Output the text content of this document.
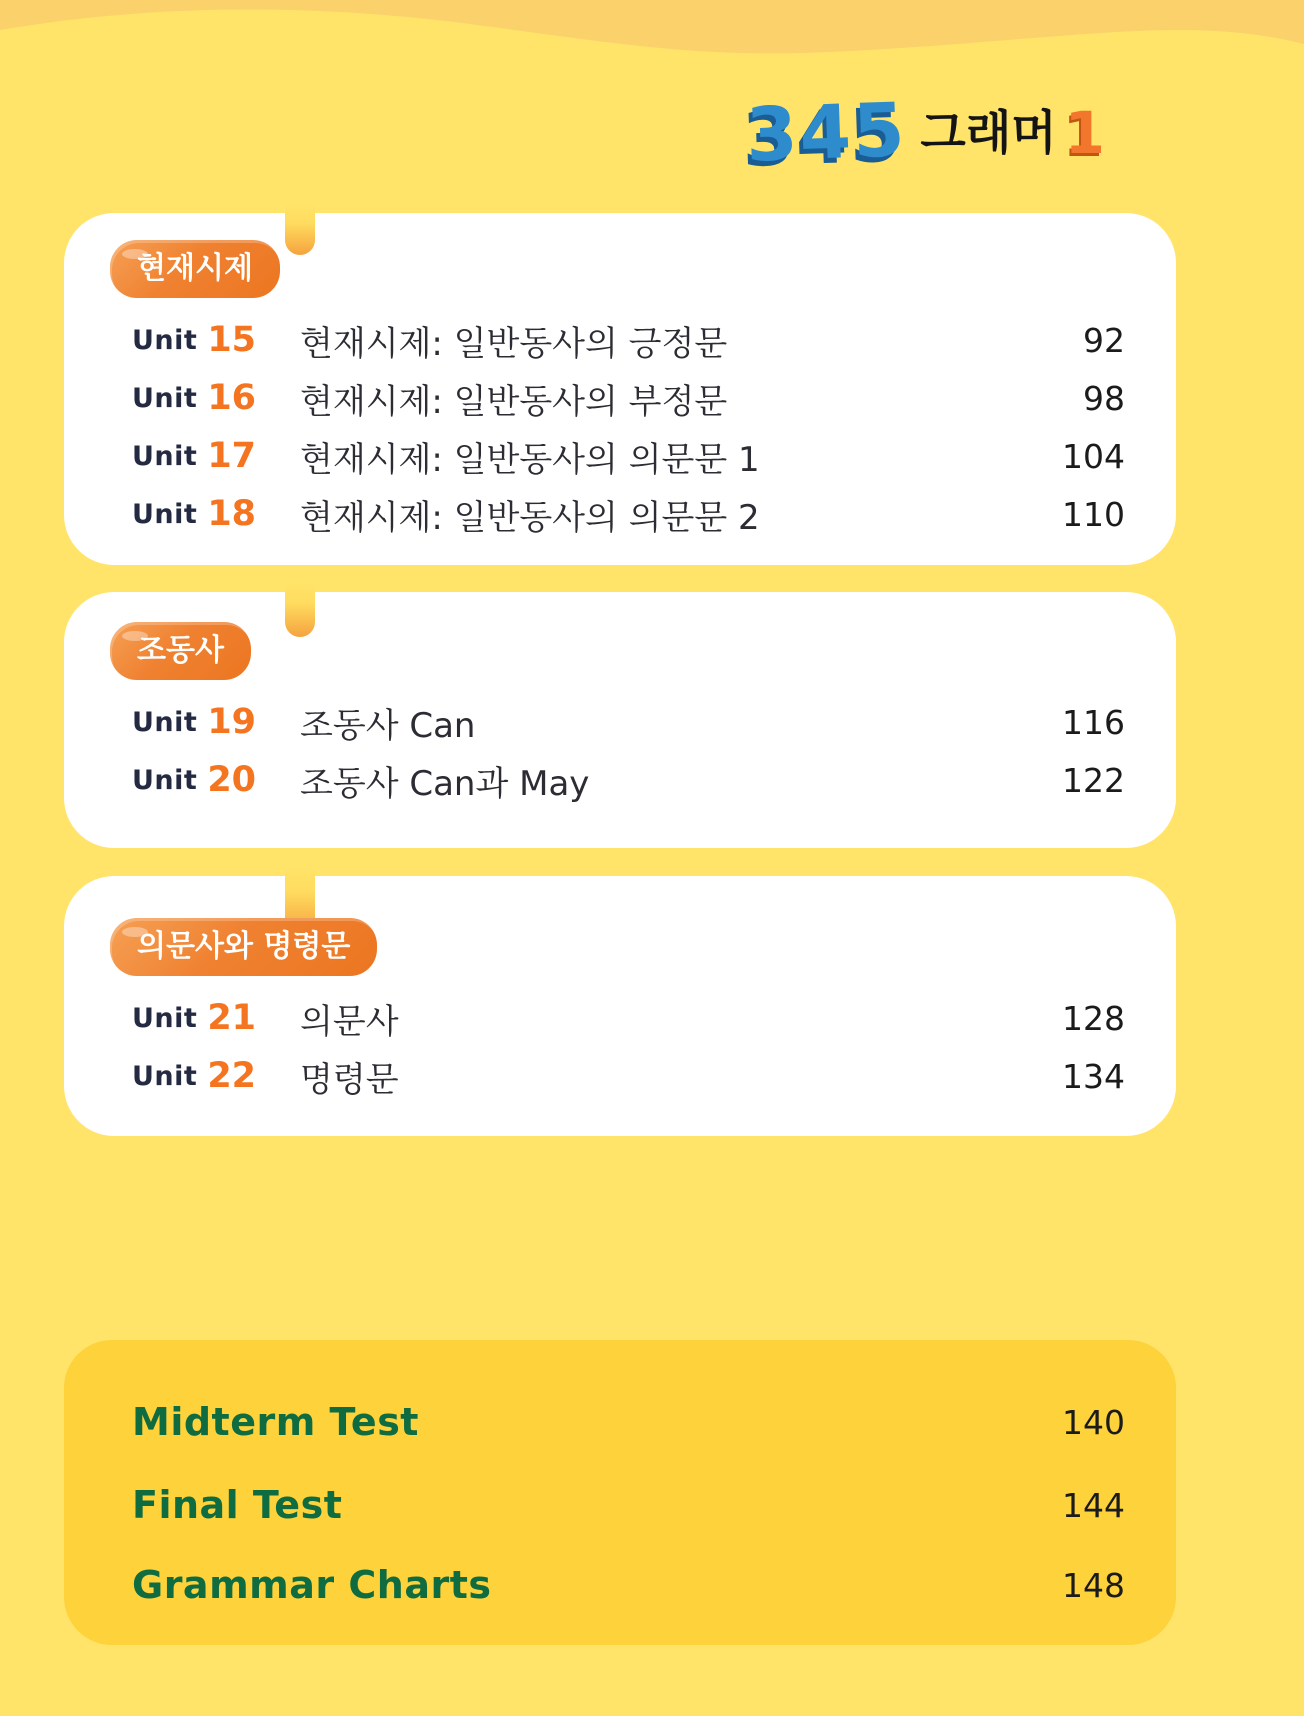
345 그래머 1
현재시제
Unit 15 현재시제: 일반동사의 긍정문	92
Unit 16 현재시제: 일반동사의 부정문	98
Unit 17 현재시제: 일반동사의 의문문 1	104
Unit 18 현재시제: 일반동사의 의문문 2	110
조동사
Unit 19 조동사 Can	116
Unit 20 조동사 Can과 May	122
의문사와 명령문
Unit 21 의문사	128
Unit 22 명령문	134
Midterm Test	140
Final Test	144
Grammar Charts	148
